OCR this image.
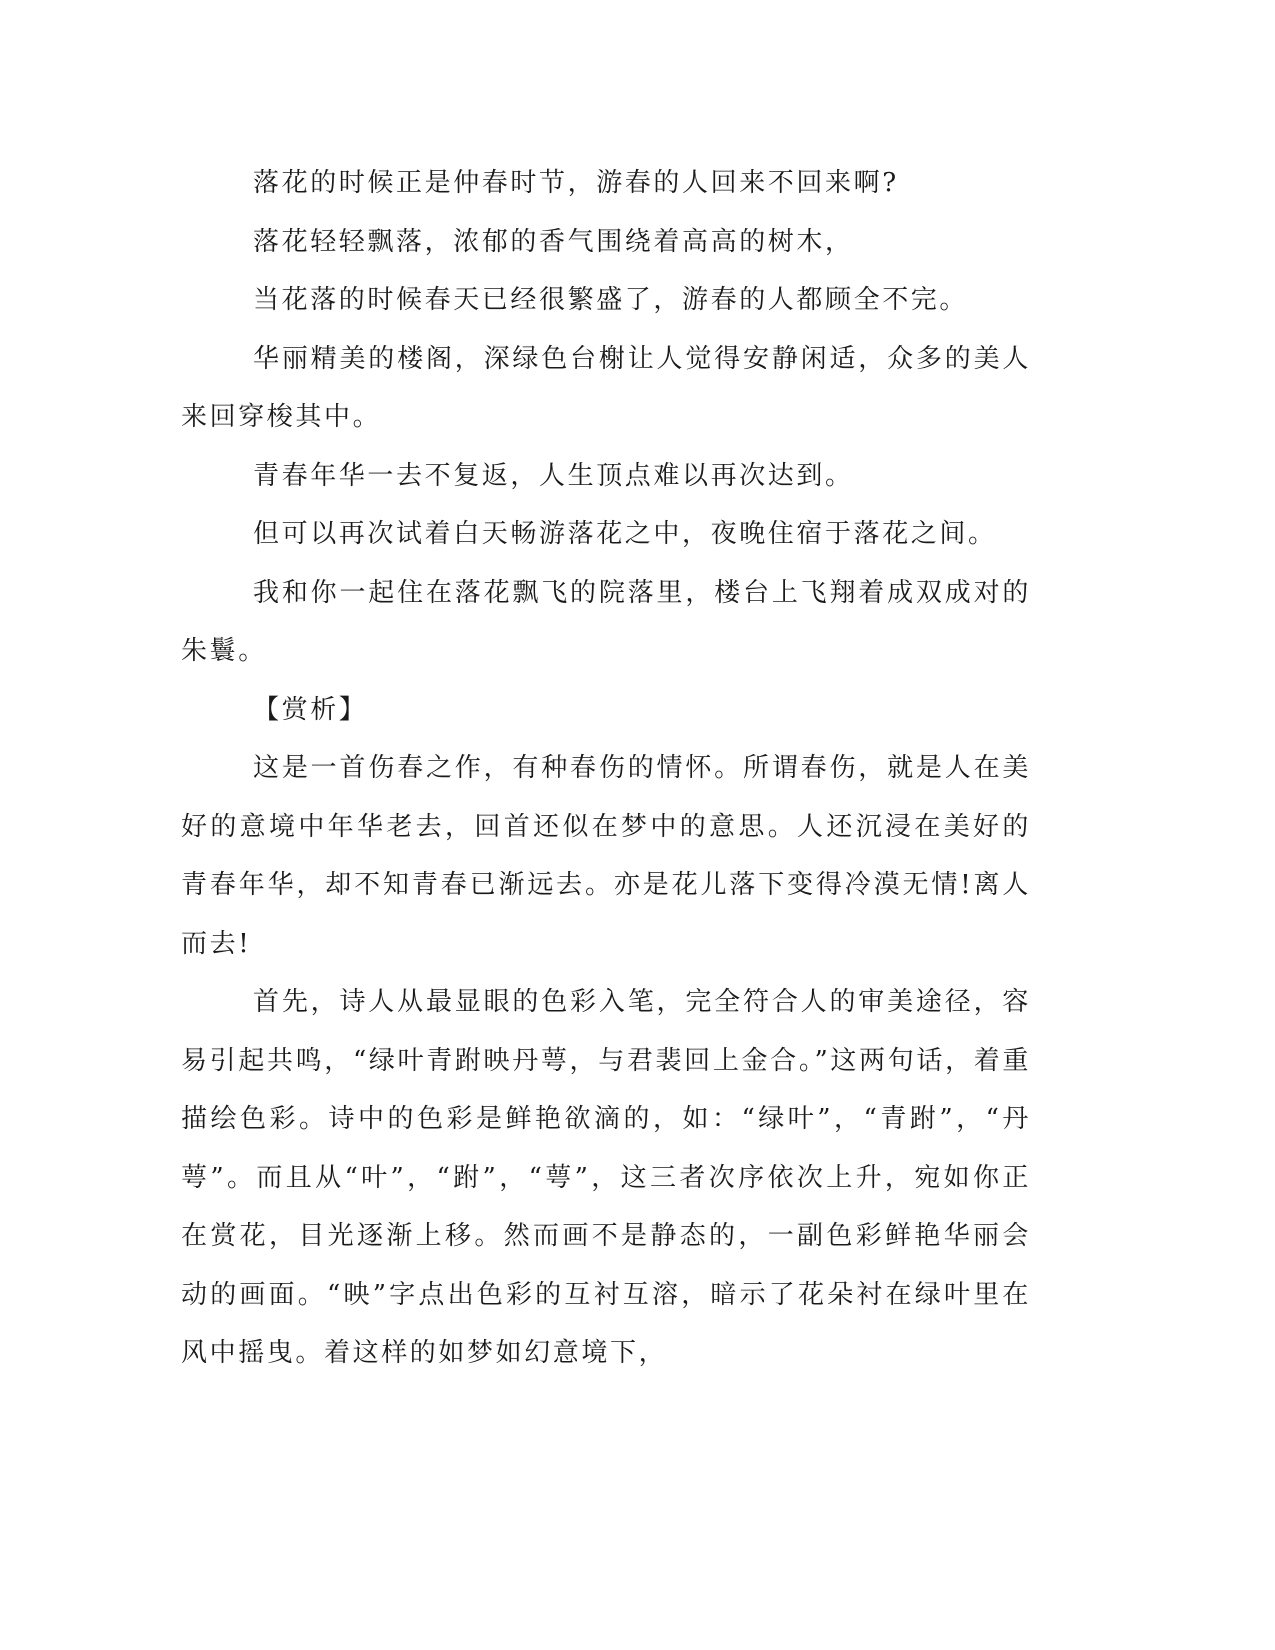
落花的时候正是仲春时节，游春的人回来不回来啊?

落花轻轻飘落，浓郁的香气围绕着高高的树木，

当花落的时候春天已经很繁盛了，游春的人都顾全不完。

华丽精美的楼阁，深绿色台榭让人觉得安静闲适，众多的美人来回穿梭其中。

青春年华一去不复返，人生顶点难以再次达到。

但可以再次试着白天畅游落花之中，夜晚住宿于落花之间。

我和你一起住在落花飘飞的院落里，楼台上飞翔着成双成对的朱鬟。

【赏析】

这是一首伤春之作，有种春伤的情怀。所谓春伤，就是人在美好的意境中年华老去，回首还似在梦中的意思。人还沉浸在美好的青春年华，却不知青春已渐远去。亦是花儿落下变得冷漠无情!离人而去!

首先，诗人从最显眼的色彩入笔，完全符合人的审美途径，容易引起共鸣，“绿叶青跗映丹萼，与君裴回上金合。”这两句话，着重描绘色彩。诗中的色彩是鲜艳欲滴的，如：“绿叶”，“青跗”，“丹萼”。而且从“叶”，“跗”，“萼”，这三者次序依次上升，宛如你正在赏花，目光逐渐上移。然而画不是静态的，一副色彩鲜艳华丽会动的画面。“映”字点出色彩的互衬互溶，暗示了花朵衬在绿叶里在风中摇曳。着这样的如梦如幻意境下，
